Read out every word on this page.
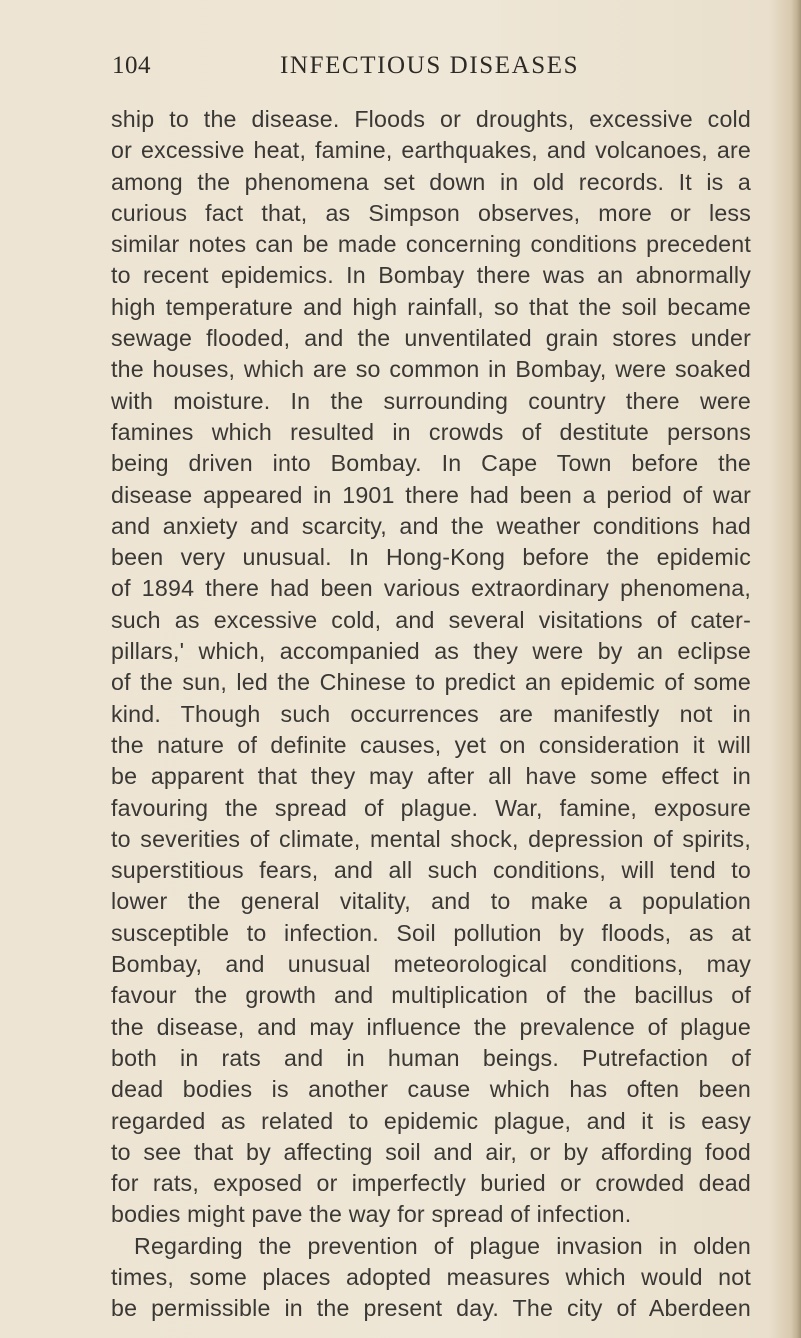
104	INFECTIOUS DISEASES
ship to the disease. Floods or droughts, excessive cold
or excessive heat, famine, earthquakes, and volcanoes, are
among the phenomena set down in old records. It is a
curious fact that, as Simpson observes, more or less
similar notes can be made concerning conditions precedent
to recent epidemics. In Bombay there was an abnormally
high temperature and high rainfall, so that the soil became
sewage flooded, and the unventilated grain stores under
the houses, which are so common in Bombay, were soaked
with moisture. In the surrounding country there were
famines which resulted in crowds of destitute persons
being driven into Bombay. In Cape Town before the
disease appeared in 1901 there had been a period of war
and anxiety and scarcity, and the weather conditions had
been very unusual. In Hong-Kong before the epidemic
of 1894 there had been various extraordinary phenomena,
such as excessive cold, and several visitations of cater-
pillars,' which, accompanied as they were by an eclipse
of the sun, led the Chinese to predict an epidemic of some
kind. Though such occurrences are manifestly not in
the nature of definite causes, yet on consideration it will
be apparent that they may after all have some effect in
favouring the spread of plague. War, famine, exposure
to severities of climate, mental shock, depression of spirits,
superstitious fears, and all such conditions, will tend to
lower the general vitality, and to make a population
susceptible to infection. Soil pollution by floods, as at
Bombay, and unusual meteorological conditions, may
favour the growth and multiplication of the bacillus of
the disease, and may influence the prevalence of plague
both in rats and in human beings. Putrefaction of
dead bodies is another cause which has often been
regarded as related to epidemic plague, and it is easy
to see that by affecting soil and air, or by affording food
for rats, exposed or imperfectly buried or crowded dead
bodies might pave the way for spread of infection.
Regarding the prevention of plague invasion in olden
times, some places adopted measures which would not
be permissible in the present day. The city of Aberdeen
